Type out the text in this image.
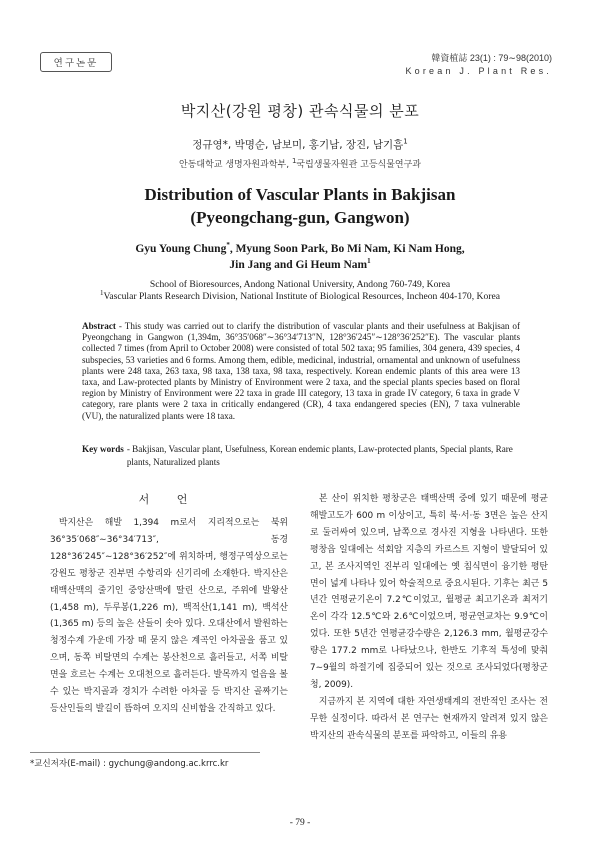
연구논문	韓資植誌 23(1) : 79∼98(2010)
Korean J. Plant Res.
박지산(강원 평창) 관속식물의 분포
정규영*, 박명순, 남보미, 홍기남, 장진, 남기흠$^1$
안동대학교 생명자원과학부, $^1$국립생물자원관 고등식물연구과
Distribution of Vascular Plants in Bakjisan
(Pyeongchang-gun, Gangwon)
Gyu Young Chung*, Myung Soon Park, Bo Mi Nam, Ki Nam Hong,
Jin Jang and Gi Heum Nam$^1$
School of Bioresources, Andong National University, Andong 760-749, Korea
$^1$Vascular Plants Research Division, National Institute of Biological Resources, Incheon 404-170, Korea

Abstract - This study was carried out to clarify the distribution of vascular plants and their usefulness at Bakjisan of Pyeongchang in Gangwon (1,394m, 36°35′068″∼36°34′713″N, 128°36′245″∼128°36′252″E). The vascular plants collected 7 times (from April to October 2008) were consisted of total 502 taxa; 95 families, 304 genera, 439 species, 4 subspecies, 53 varieties and 6 forms. Among them, edible, medicinal, industrial, ornamental and unknown of usefulness plants were 248 taxa, 263 taxa, 98 taxa, 138 taxa, 98 taxa, respectively. Korean endemic plants of this area were 13 taxa, and Law-protected plants by Ministry of Environment were 2 taxa, and the special plants species based on floral region by Ministry of Environment were 22 taxa in grade III category, 13 taxa in grade IV category, 6 taxa in grade V category, rare plants were 2 taxa in critically endangered (CR), 4 taxa endangered species (EN), 7 taxa vulnerable (VU), the naturalized plants were 18 taxa.

Key words - Bakjisan, Vascular plant, Usefulness, Korean endemic plants, Law-protected plants, Special plants, Rare plants, Naturalized plants
서 언

박지산은 해발 1,394 m로서 지리적으로는 북위 36°35′068″∼36°34′713″, 동경 128°36′245″∼128°36′252″에 위치하며, 행정구역상으로는 강원도 평창군 진부면 수항리와 신기리에 소재한다. 박지산은 태백산맥의 줄기인 중앙산맥에 딸린 산으로, 주위에 발왕산(1,458 m), 두루봉(1,226 m), 백적산(1,141 m), 백석산(1,365 m) 등의 높은 산들이 솟아 있다. 오대산에서 발원하는 청정수계 가운데 가장 때 묻지 않은 계곡인 아차골을 품고 있으며, 동쪽 비탈면의 수계는 봉산천으로 흘러들고, 서쪽 비탈면을 흐르는 수계는 오대천으로 흘러든다. 발목까지 얼음을 볼 수 있는 박지골과 경치가 수려한 아차골 등 박지산 골짜기는 등산인들의 발길이 뜸하여 오지의 신비함을 간직하고 있다.

본 산이 위치한 평창군은 태백산맥 중에 있기 때문에 평균 해발고도가 600 m 이상이고, 특히 북·서·동 3면은 높은 산지로 둘러싸여 있으며, 남쪽으로 경사진 지형을 나타낸다. 또한 평창읍 일대에는 석회암 지층의 카르스트 지형이 발달되어 있고, 본 조사지역인 진부리 일대에는 옛 침식면이 융기한 평탄면이 넓게 나타나 있어 학술적으로 중요시된다. 기후는 최근 5년간 연평균기온이 7.2℃이었고, 월평균 최고기온과 최저기온이 각각 12.5℃와 2.6℃이었으며, 평균연교차는 9.9℃이었다. 또한 5년간 연평균강수량은 2,126.3 mm, 월평균강수량은 177.2 mm로 나타났으나, 한반도 기후적 특성에 맞춰 7∼9월의 하절기에 집중되어 있는 것으로 조사되었다(평창군청, 2009).

지금까지 본 지역에 대한 자연생태계의 전반적인 조사는 전무한 실정이다. 따라서 본 연구는 현재까지 알려져 있지 않은 박지산의 관속식물의 분포를 파악하고, 이들의 유용

*교신저자(E-mail) : gychung@andong.ac.krrc.kr
- 79 -
